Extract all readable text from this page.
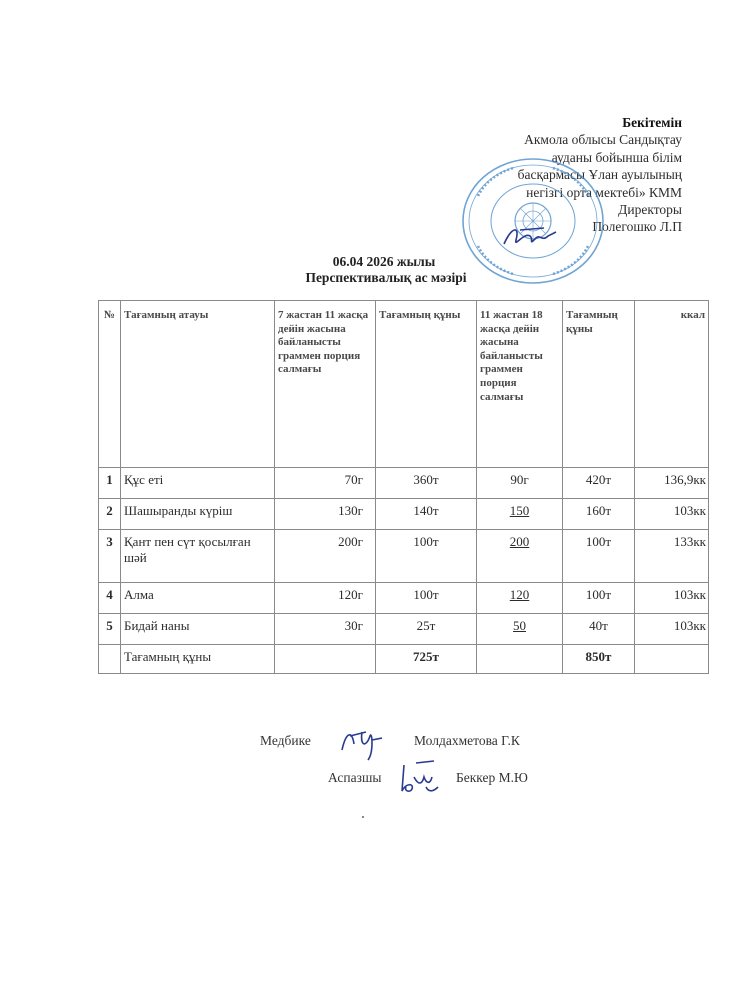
Бекітемін
Акмола облысы Сандықтау
ауданы бойынша білім
басқармасы Ұлан ауылының
негізгі орта мектебі» КММ
Директоры
Полегошко Л.П
06.04 2026 жылы
Перспективалық ас мәзірі
№	Тағамның атауы	7 жастан 11 жасқа дейін жасына байланысты граммен порция салмағы	Тағамның құны	11 жастан 18 жасқа дейін жасына байланысты граммен порция салмағы	Тағамның құны	ккал
1	Құс еті	70г	360т	90г	420т	136,9кк
2	Шашыранды күріш	130г	140т	150	160т	103кк
3	Қант пен сүт қосылған шәй	200г	100т	200	100т	133кк
4	Алма	120г	100т	120	100т	103кк
5	Бидай наны	30г	25т	50	40т	103кк
	Тағамның құны		725т		850т	
Медбике	Молдахметова Г.К
Аспазшы	Беккер М.Ю
